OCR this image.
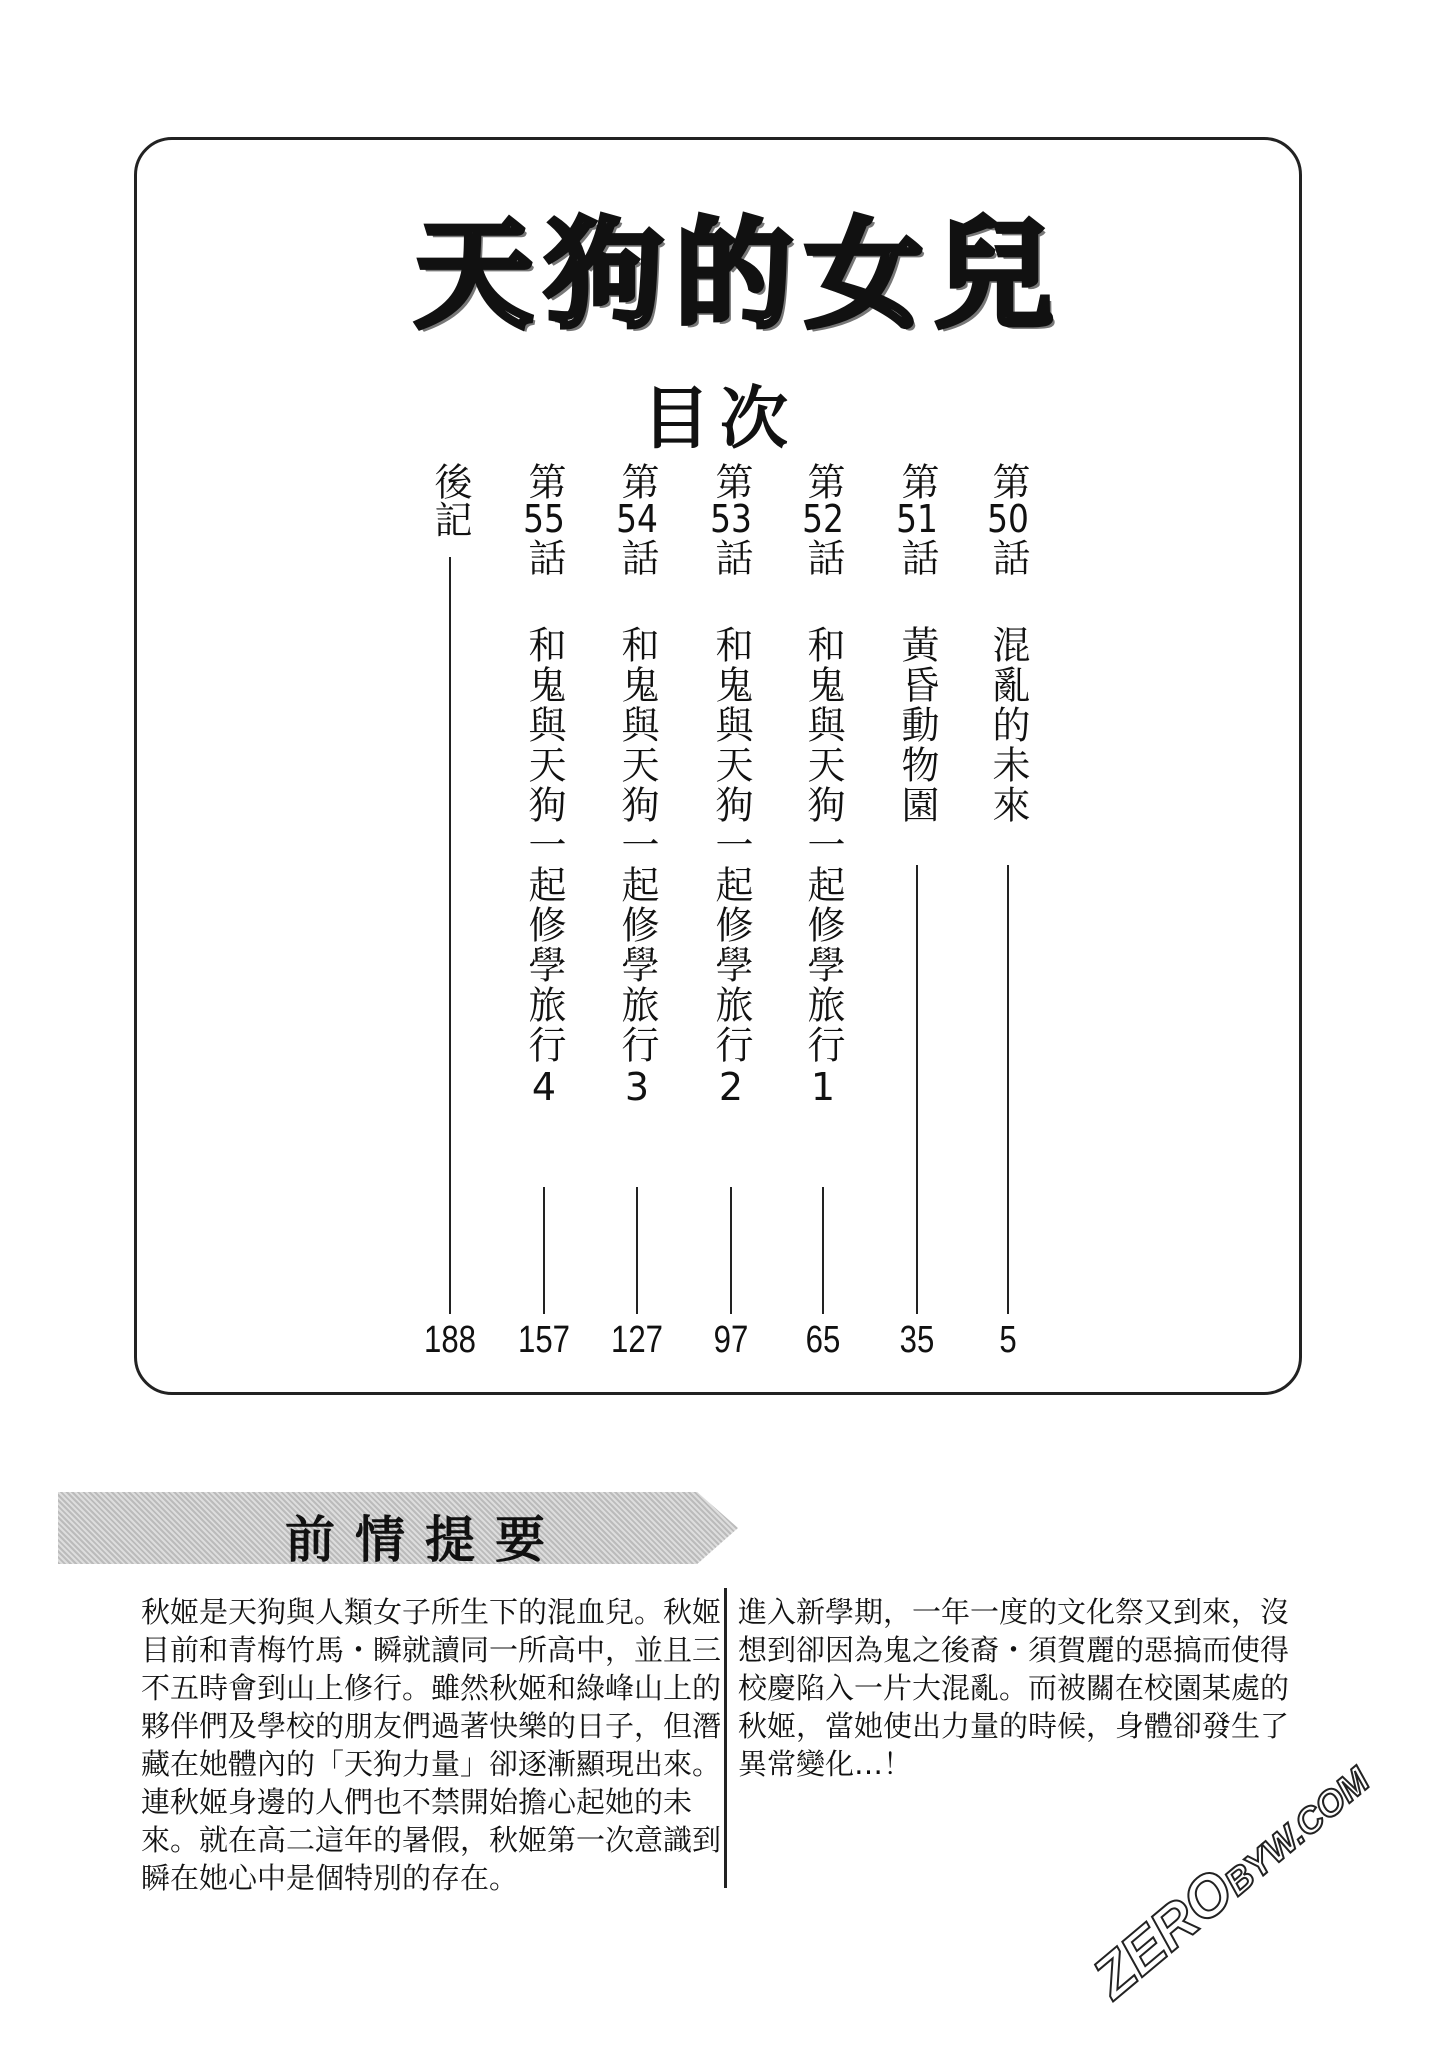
天狗的女兒
目次
第50話
混亂的未來
5
第51話
黃昏動物園
35
第52話
和鬼與天狗一起修學旅行1
65
第53話
和鬼與天狗一起修學旅行2
97
第54話
和鬼與天狗一起修學旅行3
127
第55話
和鬼與天狗一起修學旅行4
157
後記
188
前情提要
秋姬是天狗與人類女子所生下的混血兒。秋姬目前和青梅竹馬・瞬就讀同一所高中，並且三不五時會到山上修行。雖然秋姬和綠峰山上的夥伴們及學校的朋友們過著快樂的日子，但潛藏在她體內的「天狗力量」卻逐漸顯現出來。連秋姬身邊的人們也不禁開始擔心起她的未來。就在高二這年的暑假，秋姬第一次意識到瞬在她心中是個特別的存在。
進入新學期，一年一度的文化祭又到來，沒想到卻因為鬼之後裔・須賀麗的惡搞而使得校慶陷入一片大混亂。而被關在校園某處的秋姬，當她使出力量的時候，身體卻發生了異常變化…！
ZEROBYW.COM
